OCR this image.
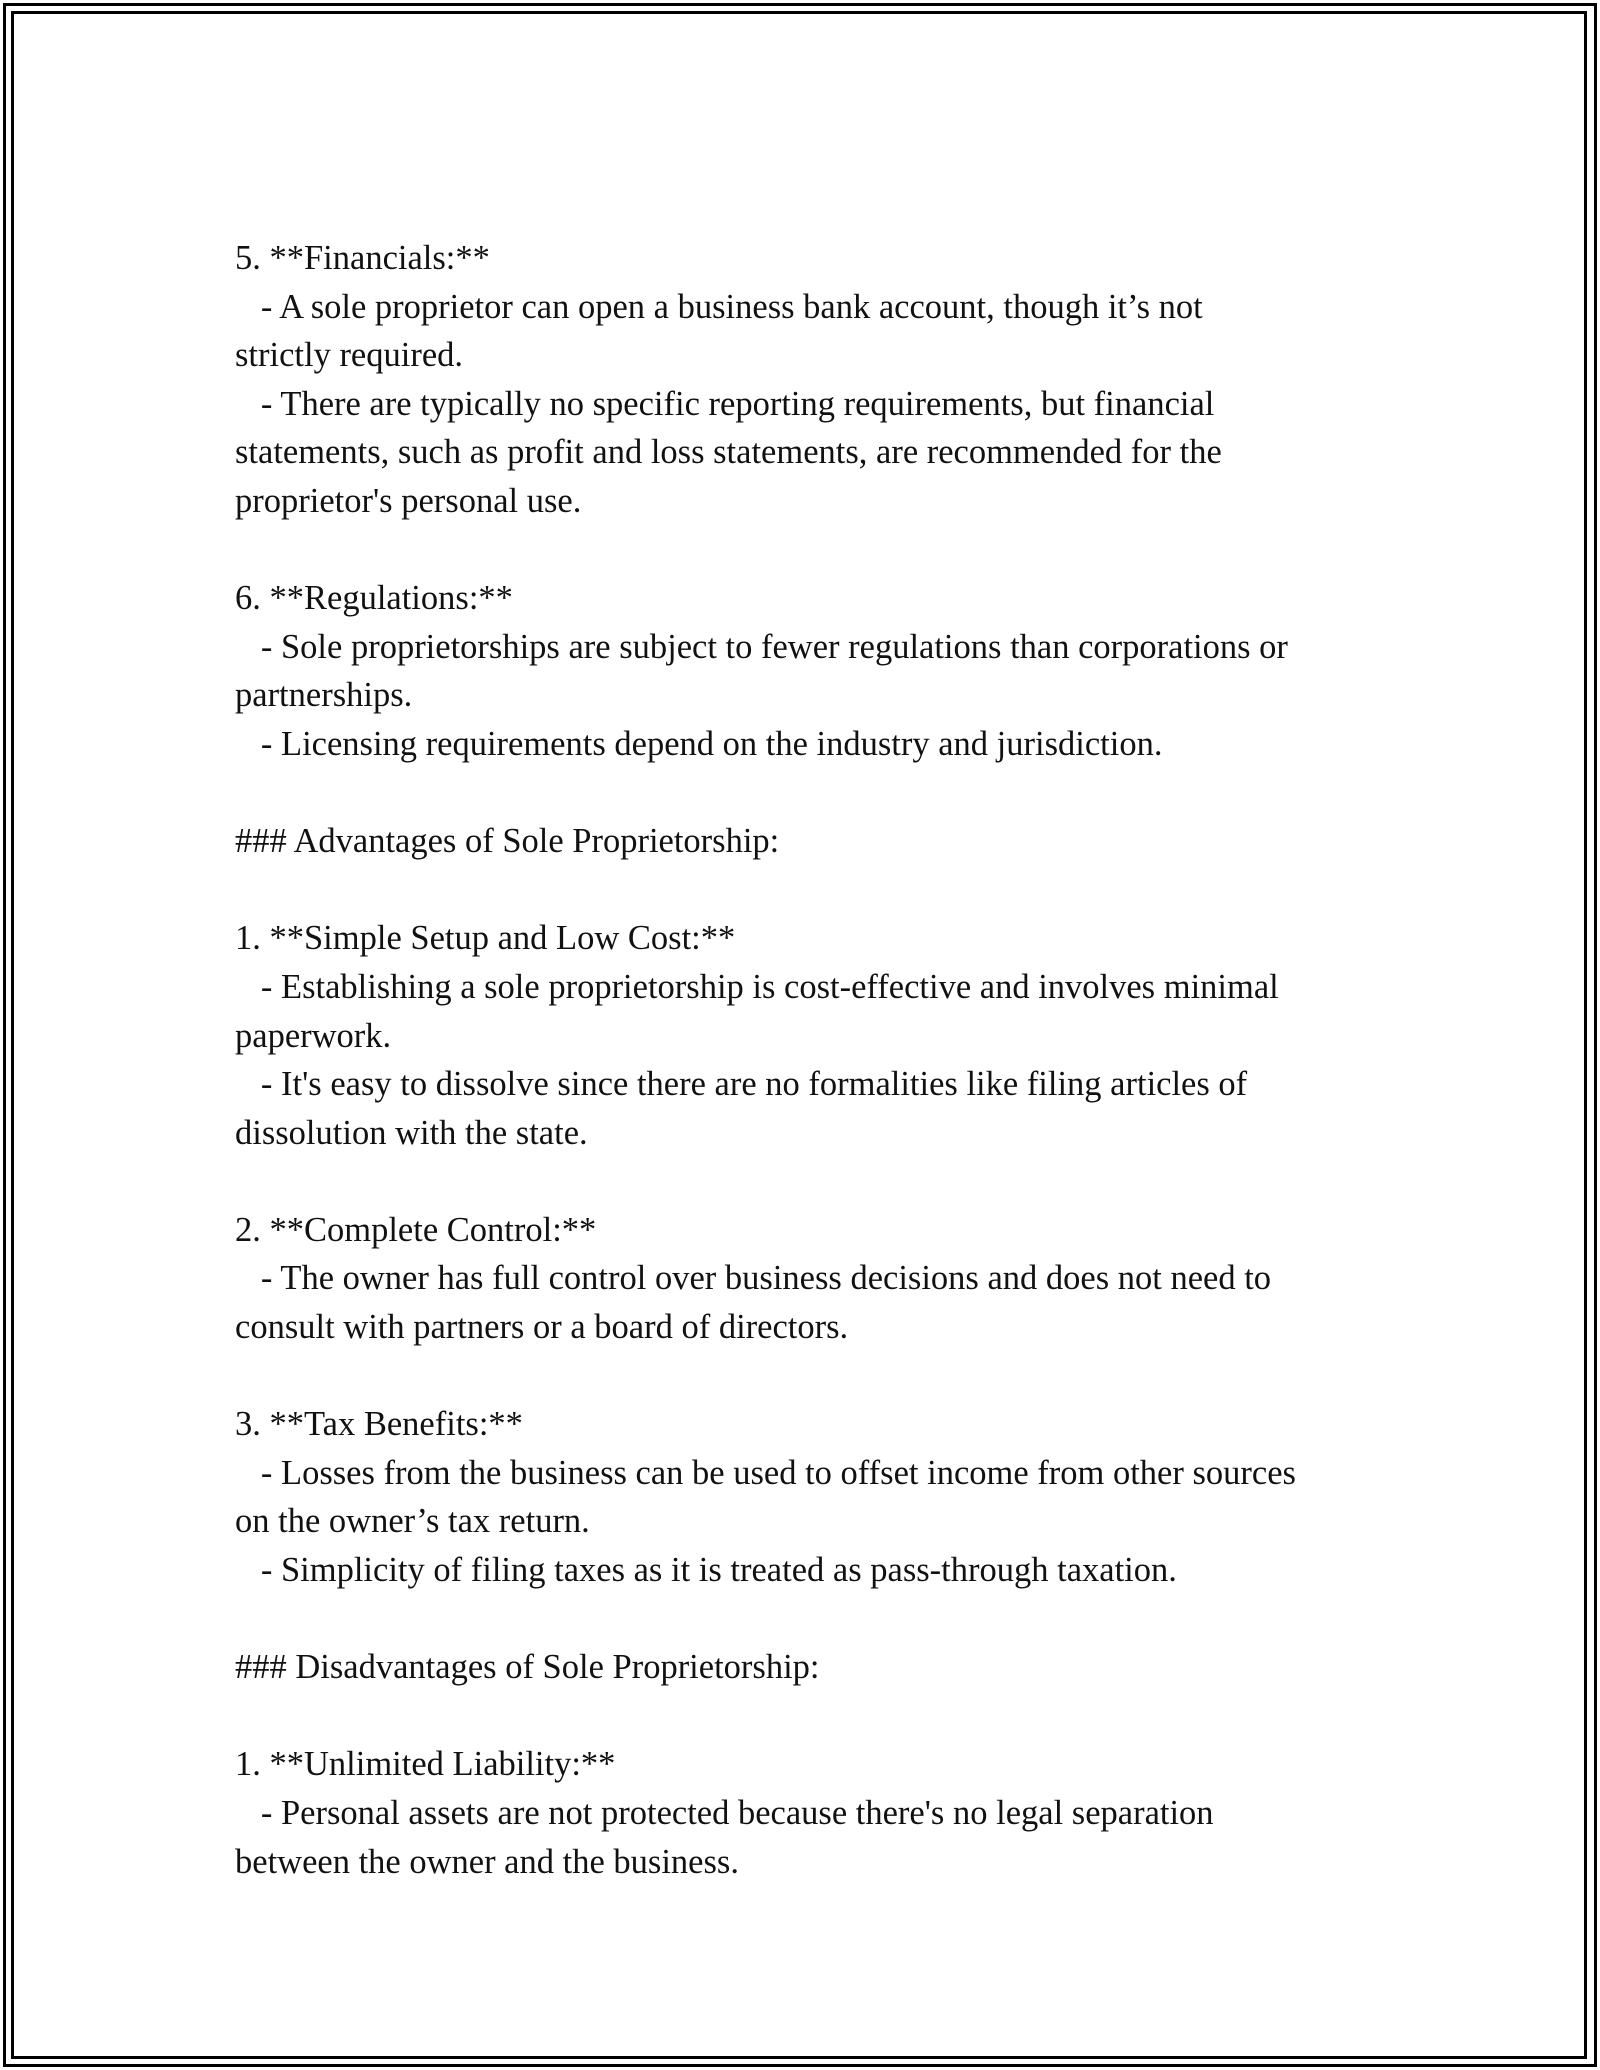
5. **Financials:**
- A sole proprietor can open a business bank account, though it’s not
strictly required.
- There are typically no specific reporting requirements, but financial
statements, such as profit and loss statements, are recommended for the
proprietor's personal use.
6. **Regulations:**
- Sole proprietorships are subject to fewer regulations than corporations or
partnerships.
- Licensing requirements depend on the industry and jurisdiction.
### Advantages of Sole Proprietorship:
1. **Simple Setup and Low Cost:**
- Establishing a sole proprietorship is cost-effective and involves minimal
paperwork.
- It's easy to dissolve since there are no formalities like filing articles of
dissolution with the state.
2. **Complete Control:**
- The owner has full control over business decisions and does not need to
consult with partners or a board of directors.
3. **Tax Benefits:**
- Losses from the business can be used to offset income from other sources
on the owner’s tax return.
- Simplicity of filing taxes as it is treated as pass-through taxation.
### Disadvantages of Sole Proprietorship:
1. **Unlimited Liability:**
- Personal assets are not protected because there's no legal separation
between the owner and the business.
